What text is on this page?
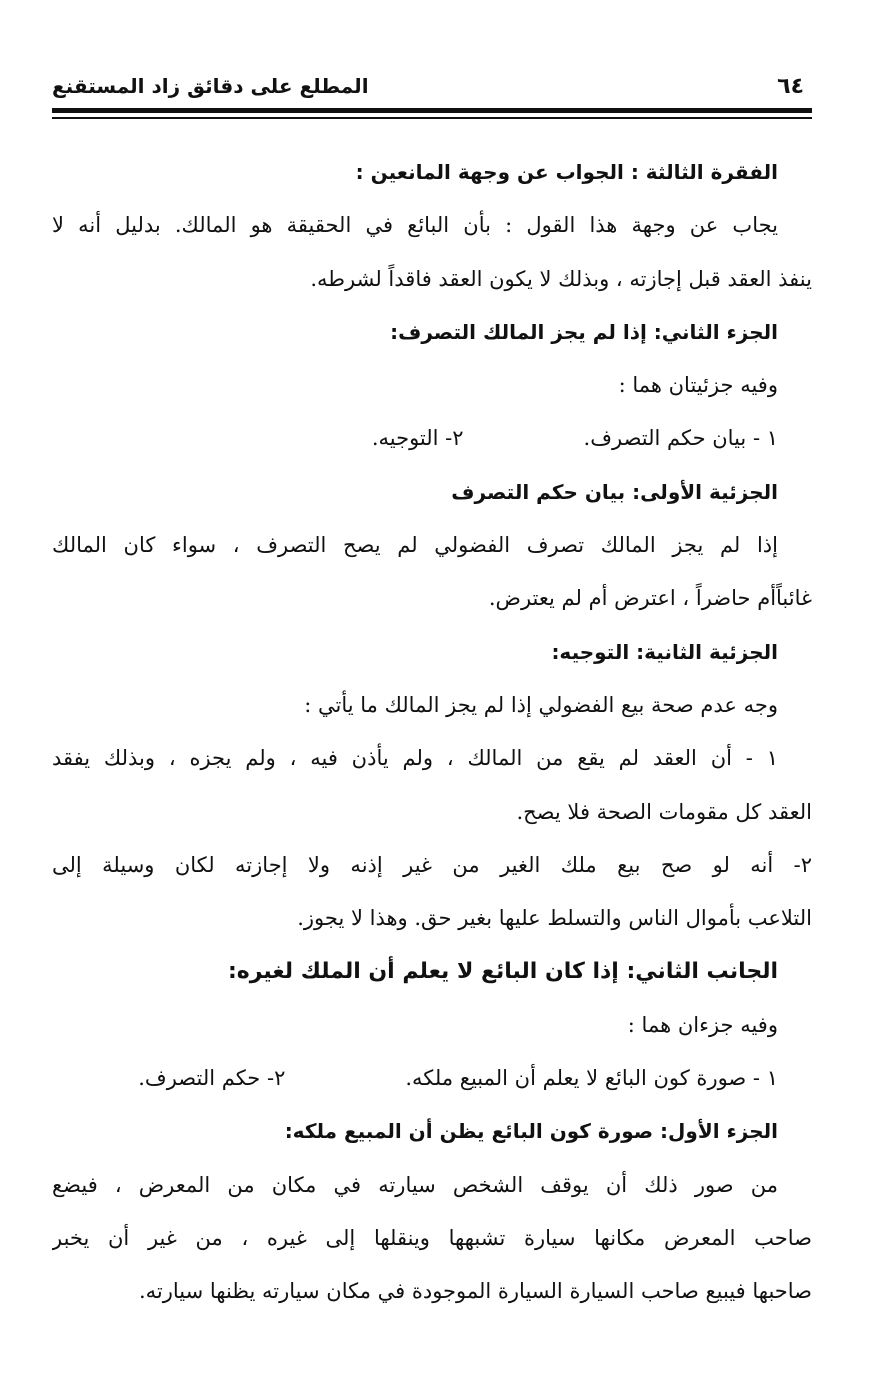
٦٤
المطلع على دقائق زاد المستقنع
الفقرة الثالثة : الجواب عن وجهة المانعين :
يجاب عن وجهة هذا القول : بأن البائع في الحقيقة هو المالك. بدليل أنه لا
ينفذ العقد قبل إجازته ، وبذلك لا يكون العقد فاقداً لشرطه.
الجزء الثاني: إذا لم يجز المالك التصرف:
وفيه جزئيتان هما :
١ - بيان حكم التصرف.٢- التوجيه.
الجزئية الأولى: بيان حكم التصرف
إذا لم يجز المالك تصرف الفضولي لم يصح التصرف ، سواء كان المالك
غائباًأم حاضراً ، اعترض أم لم يعترض.
الجزئية الثانية: التوجيه:
وجه عدم صحة بيع الفضولي إذا لم يجز المالك ما يأتي :
١ - أن العقد لم يقع من المالك ، ولم يأذن فيه ، ولم يجزه ، وبذلك يفقد
العقد كل مقومات الصحة فلا يصح.
٢- أنه لو صح بيع ملك الغير من غير إذنه ولا إجازته لكان وسيلة إلى
التلاعب بأموال الناس والتسلط عليها بغير حق. وهذا لا يجوز.
الجانب الثاني: إذا كان البائع لا يعلم أن الملك لغيره:
وفيه جزءان هما :
١ - صورة كون البائع لا يعلم أن المبيع ملكه.٢- حكم التصرف.
الجزء الأول: صورة كون البائع يظن أن المبيع ملكه:
من صور ذلك أن يوقف الشخص سيارته في مكان من المعرض ، فيضع
صاحب المعرض مكانها سيارة تشبهها وينقلها إلى غيره ، من غير أن يخبر
صاحبها فيبيع صاحب السيارة السيارة الموجودة في مكان سيارته يظنها سيارته.
